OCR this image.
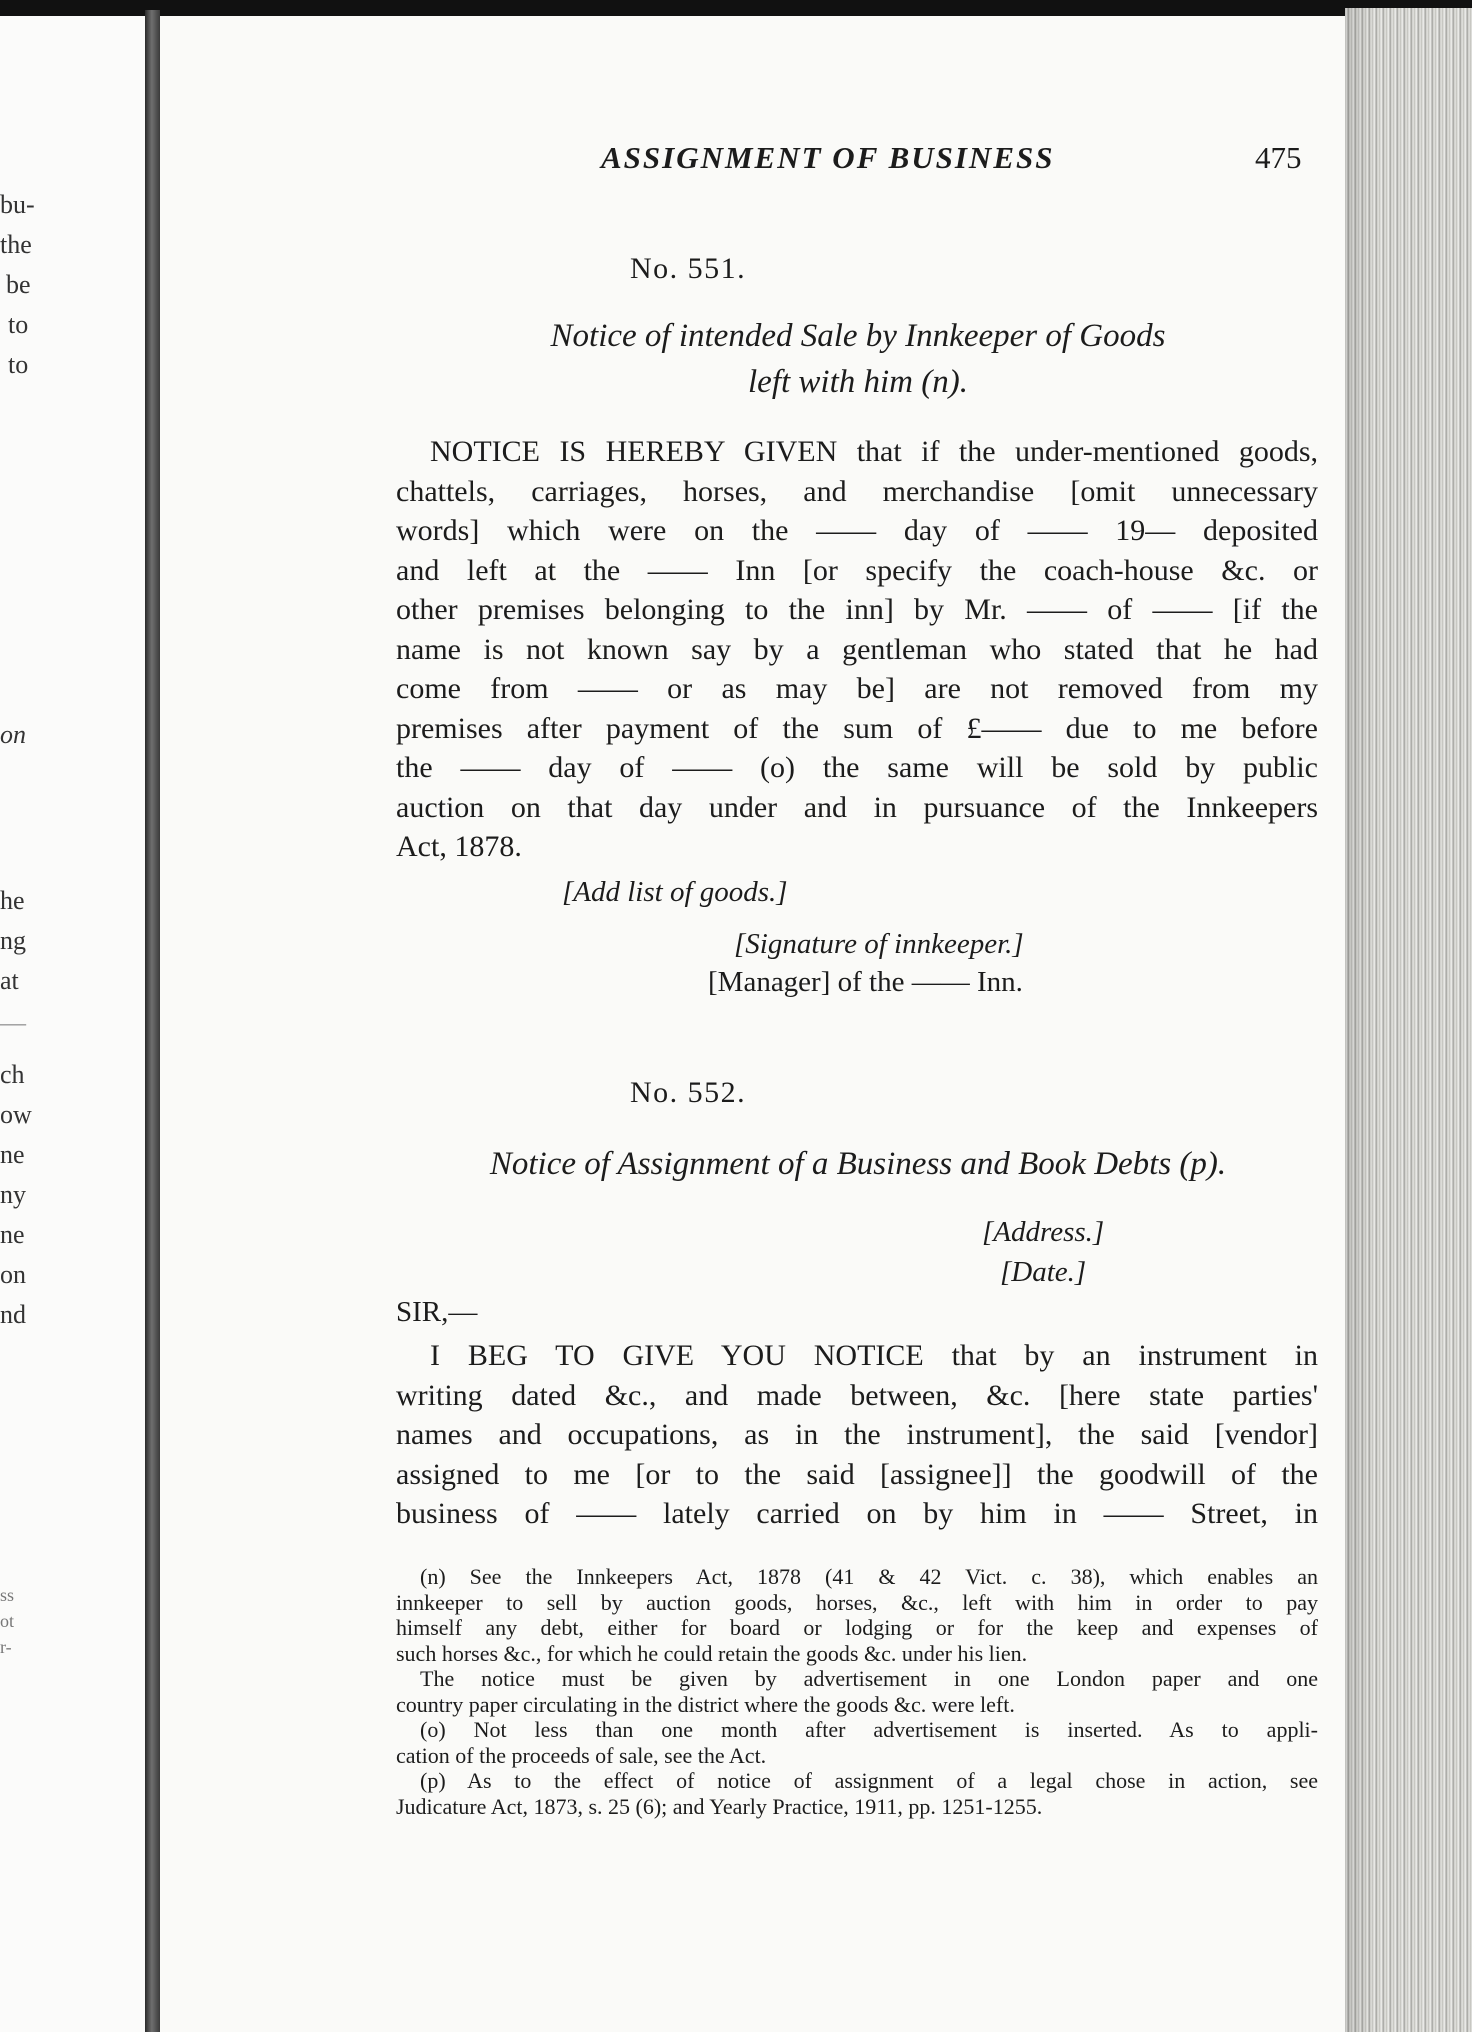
bu-
the
be
to
to
on
he
ng
at
—
ch
ow
ne
ny
ne
on
nd
ss
ot
r-
ASSIGNMENT OF BUSINESS	475
No. 551.
Notice of intended Sale by Innkeeper of Goods
left with him (n).
NOTICE IS HEREBY GIVEN that if the under-mentioned goods,
chattels, carriages, horses, and merchandise [omit unnecessary
words] which were on the —— day of —— 19— deposited
and left at the —— Inn [or specify the coach-house &c. or
other premises belonging to the inn] by Mr. —— of —— [if the
name is not known say by a gentleman who stated that he had
come from —— or as may be] are not removed from my
premises after payment of the sum of £—— due to me before
the —— day of —— (o) the same will be sold by public
auction on that day under and in pursuance of the Innkeepers
Act, 1878.
[Add list of goods.]
[Signature of innkeeper.]
[Manager] of the —— Inn.
No. 552.
Notice of Assignment of a Business and Book Debts (p).
[Address.]
[Date.]
SIR,—
I BEG TO GIVE YOU NOTICE that by an instrument in
writing dated &c., and made between, &c. [here state parties'
names and occupations, as in the instrument], the said [vendor]
assigned to me [or to the said [assignee]] the goodwill of the
business of —— lately carried on by him in —— Street, in
(n) See the Innkeepers Act, 1878 (41 & 42 Vict. c. 38), which enables an
innkeeper to sell by auction goods, horses, &c., left with him in order to pay
himself any debt, either for board or lodging or for the keep and expenses of
such horses &c., for which he could retain the goods &c. under his lien.
The notice must be given by advertisement in one London paper and one
country paper circulating in the district where the goods &c. were left.
(o) Not less than one month after advertisement is inserted. As to appli-
cation of the proceeds of sale, see the Act.
(p) As to the effect of notice of assignment of a legal chose in action, see
Judicature Act, 1873, s. 25 (6); and Yearly Practice, 1911, pp. 1251-1255.
